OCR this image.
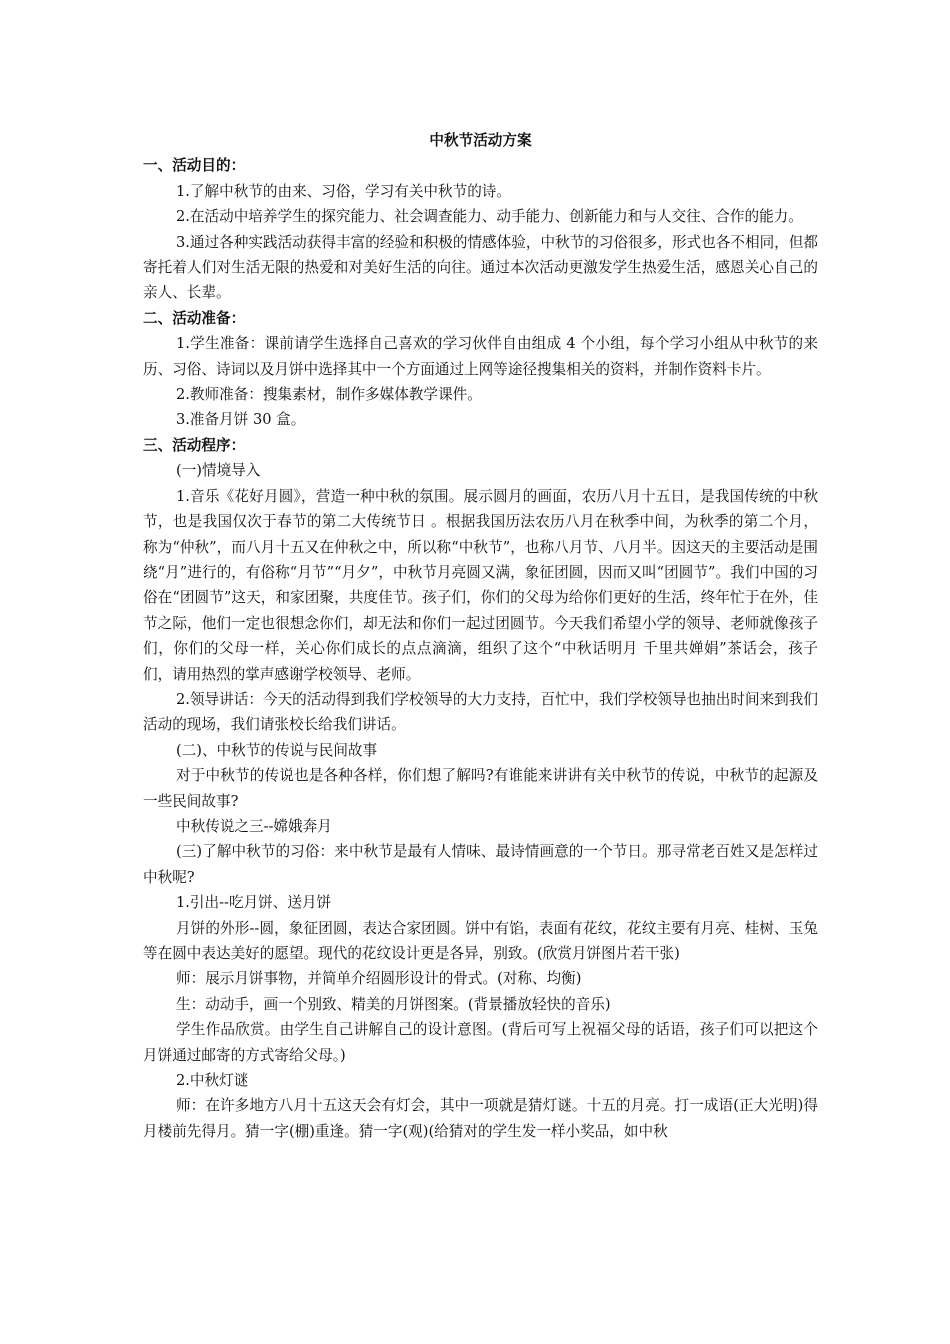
中秋节活动方案

一、活动目的：

1.了解中秋节的由来、习俗，学习有关中秋节的诗。

2.在活动中培养学生的探究能力、社会调查能力、动手能力、创新能力和与人交往、合作的能力。

3.通过各种实践活动获得丰富的经验和积极的情感体验，中秋节的习俗很多，形式也各不相同，但都寄托着人们对生活无限的热爱和对美好生活的向往。通过本次活动更激发学生热爱生活，感恩关心自己的亲人、长辈。

二、活动准备：

1.学生准备：课前请学生选择自己喜欢的学习伙伴自由组成 4 个小组，每个学习小组从中秋节的来历、习俗、诗词以及月饼中选择其中一个方面通过上网等途径搜集相关的资料，并制作资料卡片。

2.教师准备：搜集素材，制作多媒体教学课件。

3.准备月饼 30 盒。

三、活动程序：

(一)情境导入

1.音乐《花好月圆》，营造一种中秋的氛围。展示圆月的画面，农历八月十五日，是我国传统的中秋节，也是我国仅次于春节的第二大传统节日 。根据我国历法农历八月在秋季中间，为秋季的第二个月，称为“仲秋”，而八月十五又在仲秋之中，所以称“中秋节”，也称八月节、八月半。因这天的主要活动是围绕“月”进行的，有俗称“月节”“月夕”，中秋节月亮圆又满，象征团圆，因而又叫“团圆节”。我们中国的习俗在“团圆节”这天，和家团聚，共度佳节。孩子们，你们的父母为给你们更好的生活，终年忙于在外，佳节之际，他们一定也很想念你们，却无法和你们一起过团圆节。今天我们希望小学的领导、老师就像孩子们，你们的父母一样，关心你们成长的点点滴滴，组织了这个“中秋话明月 千里共婵娟”茶话会，孩子们，请用热烈的掌声感谢学校领导、老师。

2.领导讲话：今天的活动得到我们学校领导的大力支持，百忙中，我们学校领导也抽出时间来到我们活动的现场，我们请张校长给我们讲话。

(二)、中秋节的传说与民间故事

对于中秋节的传说也是各种各样，你们想了解吗?有谁能来讲讲有关中秋节的传说，中秋节的起源及一些民间故事?

中秋传说之三--嫦娥奔月

(三)了解中秋节的习俗：来中秋节是最有人情味、最诗情画意的一个节日。那寻常老百姓又是怎样过中秋呢?

1.引出--吃月饼、送月饼

月饼的外形--圆，象征团圆，表达合家团圆。饼中有馅，表面有花纹，花纹主要有月亮、桂树、玉兔等在圆中表达美好的愿望。现代的花纹设计更是各异，别致。(欣赏月饼图片若干张)

师：展示月饼事物，并简单介绍圆形设计的骨式。(对称、均衡)

生：动动手，画一个别致、精美的月饼图案。(背景播放轻快的音乐)

学生作品欣赏。由学生自己讲解自己的设计意图。(背后可写上祝福父母的话语，孩子们可以把这个月饼通过邮寄的方式寄给父母。)

2.中秋灯谜

师：在许多地方八月十五这天会有灯会，其中一项就是猜灯谜。十五的月亮。打一成语(正大光明)得月楼前先得月。猜一字(棚)重逢。猜一字(观)(给猜对的学生发一样小奖品，如中秋
